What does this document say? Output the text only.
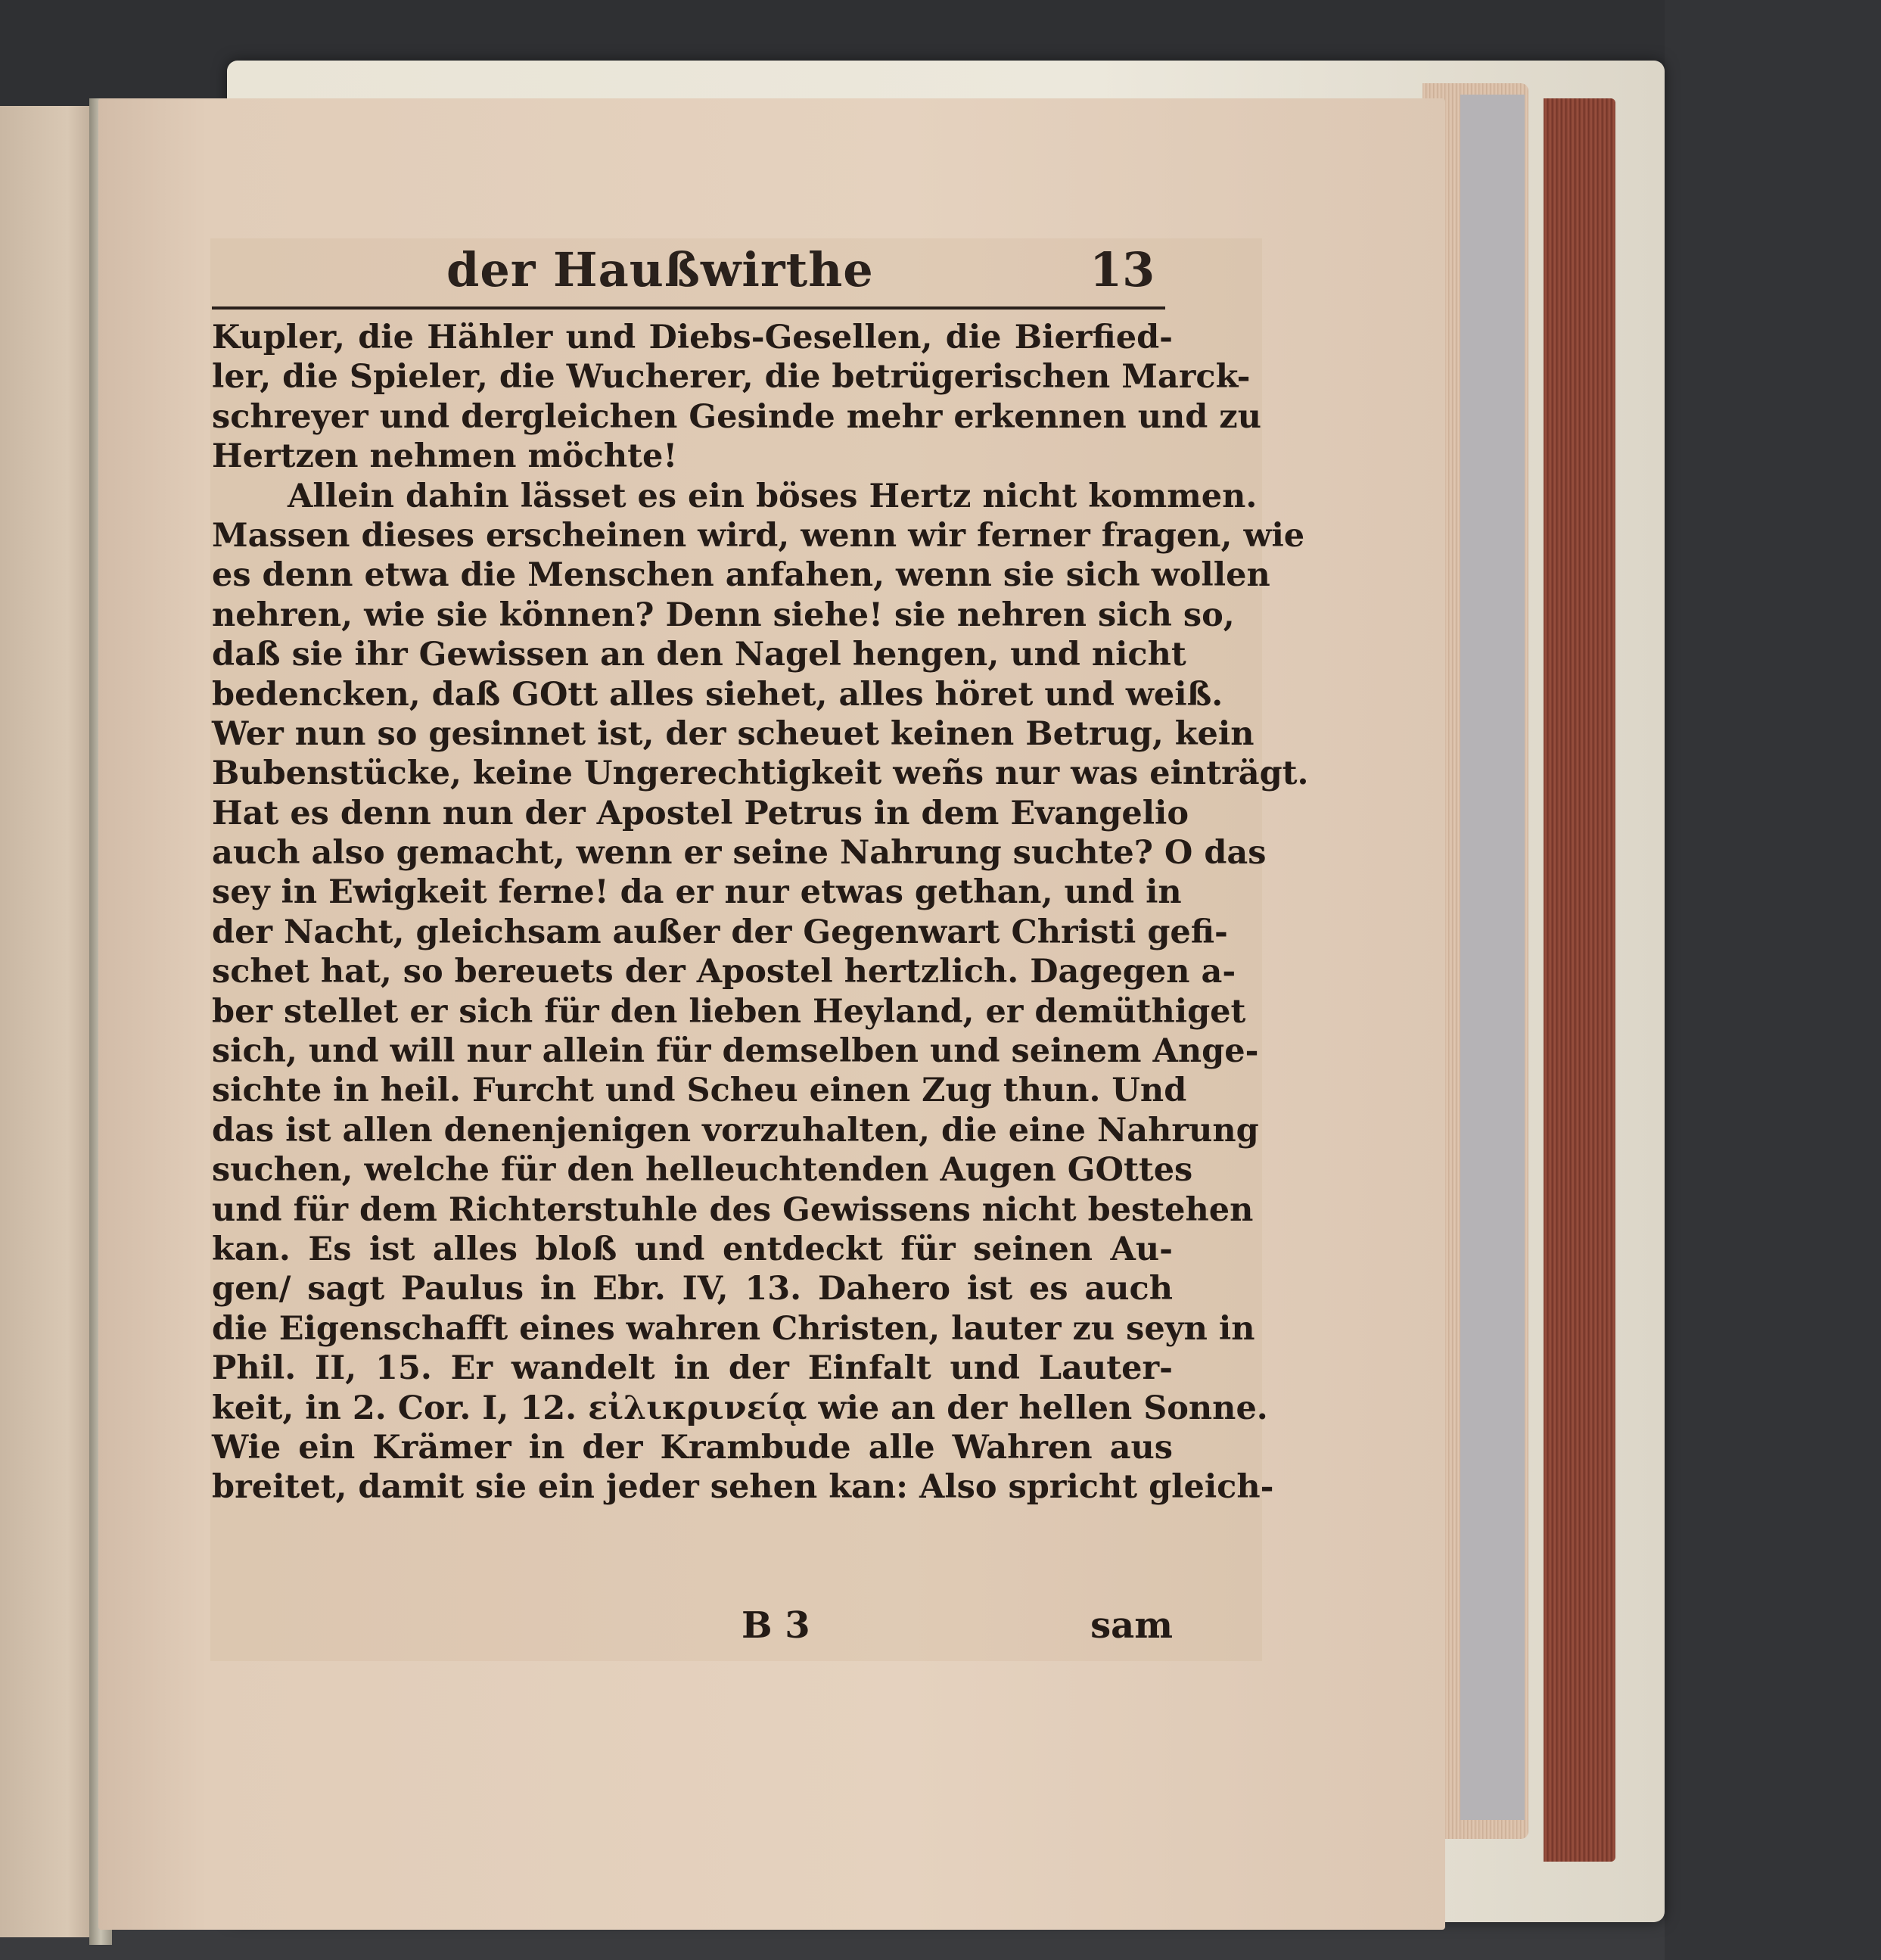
der Haußwirthe	13
Kupler, die Hähler und Diebs-Gesellen, die Bierfied-
ler, die Spieler, die Wucherer, die betrügerischen Marck-
schreyer und dergleichen Gesinde mehr erkennen und zu
Hertzen nehmen möchte!
Allein dahin lässet es ein böses Hertz nicht kommen.
Massen dieses erscheinen wird, wenn wir ferner fragen, wie
es denn etwa die Menschen anfahen, wenn sie sich wollen
nehren, wie sie können? Denn siehe! sie nehren sich so,
daß sie ihr Gewissen an den Nagel hengen, und nicht
bedencken, daß GOtt alles siehet, alles höret und weiß.
Wer nun so gesinnet ist, der scheuet keinen Betrug, kein
Bubenstücke, keine Ungerechtigkeit weñs nur was einträgt.
Hat es denn nun der Apostel Petrus in dem Evangelio
auch also gemacht, wenn er seine Nahrung suchte? O das
sey in Ewigkeit ferne! da er nur etwas gethan, und in
der Nacht, gleichsam außer der Gegenwart Christi gefi-
schet hat, so bereuets der Apostel hertzlich. Dagegen a-
ber stellet er sich für den lieben Heyland, er demüthiget
sich, und will nur allein für demselben und seinem Ange-
sichte in heil. Furcht und Scheu einen Zug thun. Und
das ist allen denenjenigen vorzuhalten, die eine Nahrung
suchen, welche für den helleuchtenden Augen GOttes
und für dem Richterstuhle des Gewissens nicht bestehen
kan. Es ist alles bloß und entdeckt für seinen Au-
gen/ sagt Paulus in Ebr. IV, 13. Dahero ist es auch
die Eigenschafft eines wahren Christen, lauter zu seyn in
Phil. II, 15. Er wandelt in der Einfalt und Lauter-
keit, in 2. Cor. I, 12. εἰλικρινείᾳ wie an der hellen Sonne.
Wie ein Krämer in der Krambude alle Wahren aus
breitet, damit sie ein jeder sehen kan: Also spricht gleich-
B 3	sam
